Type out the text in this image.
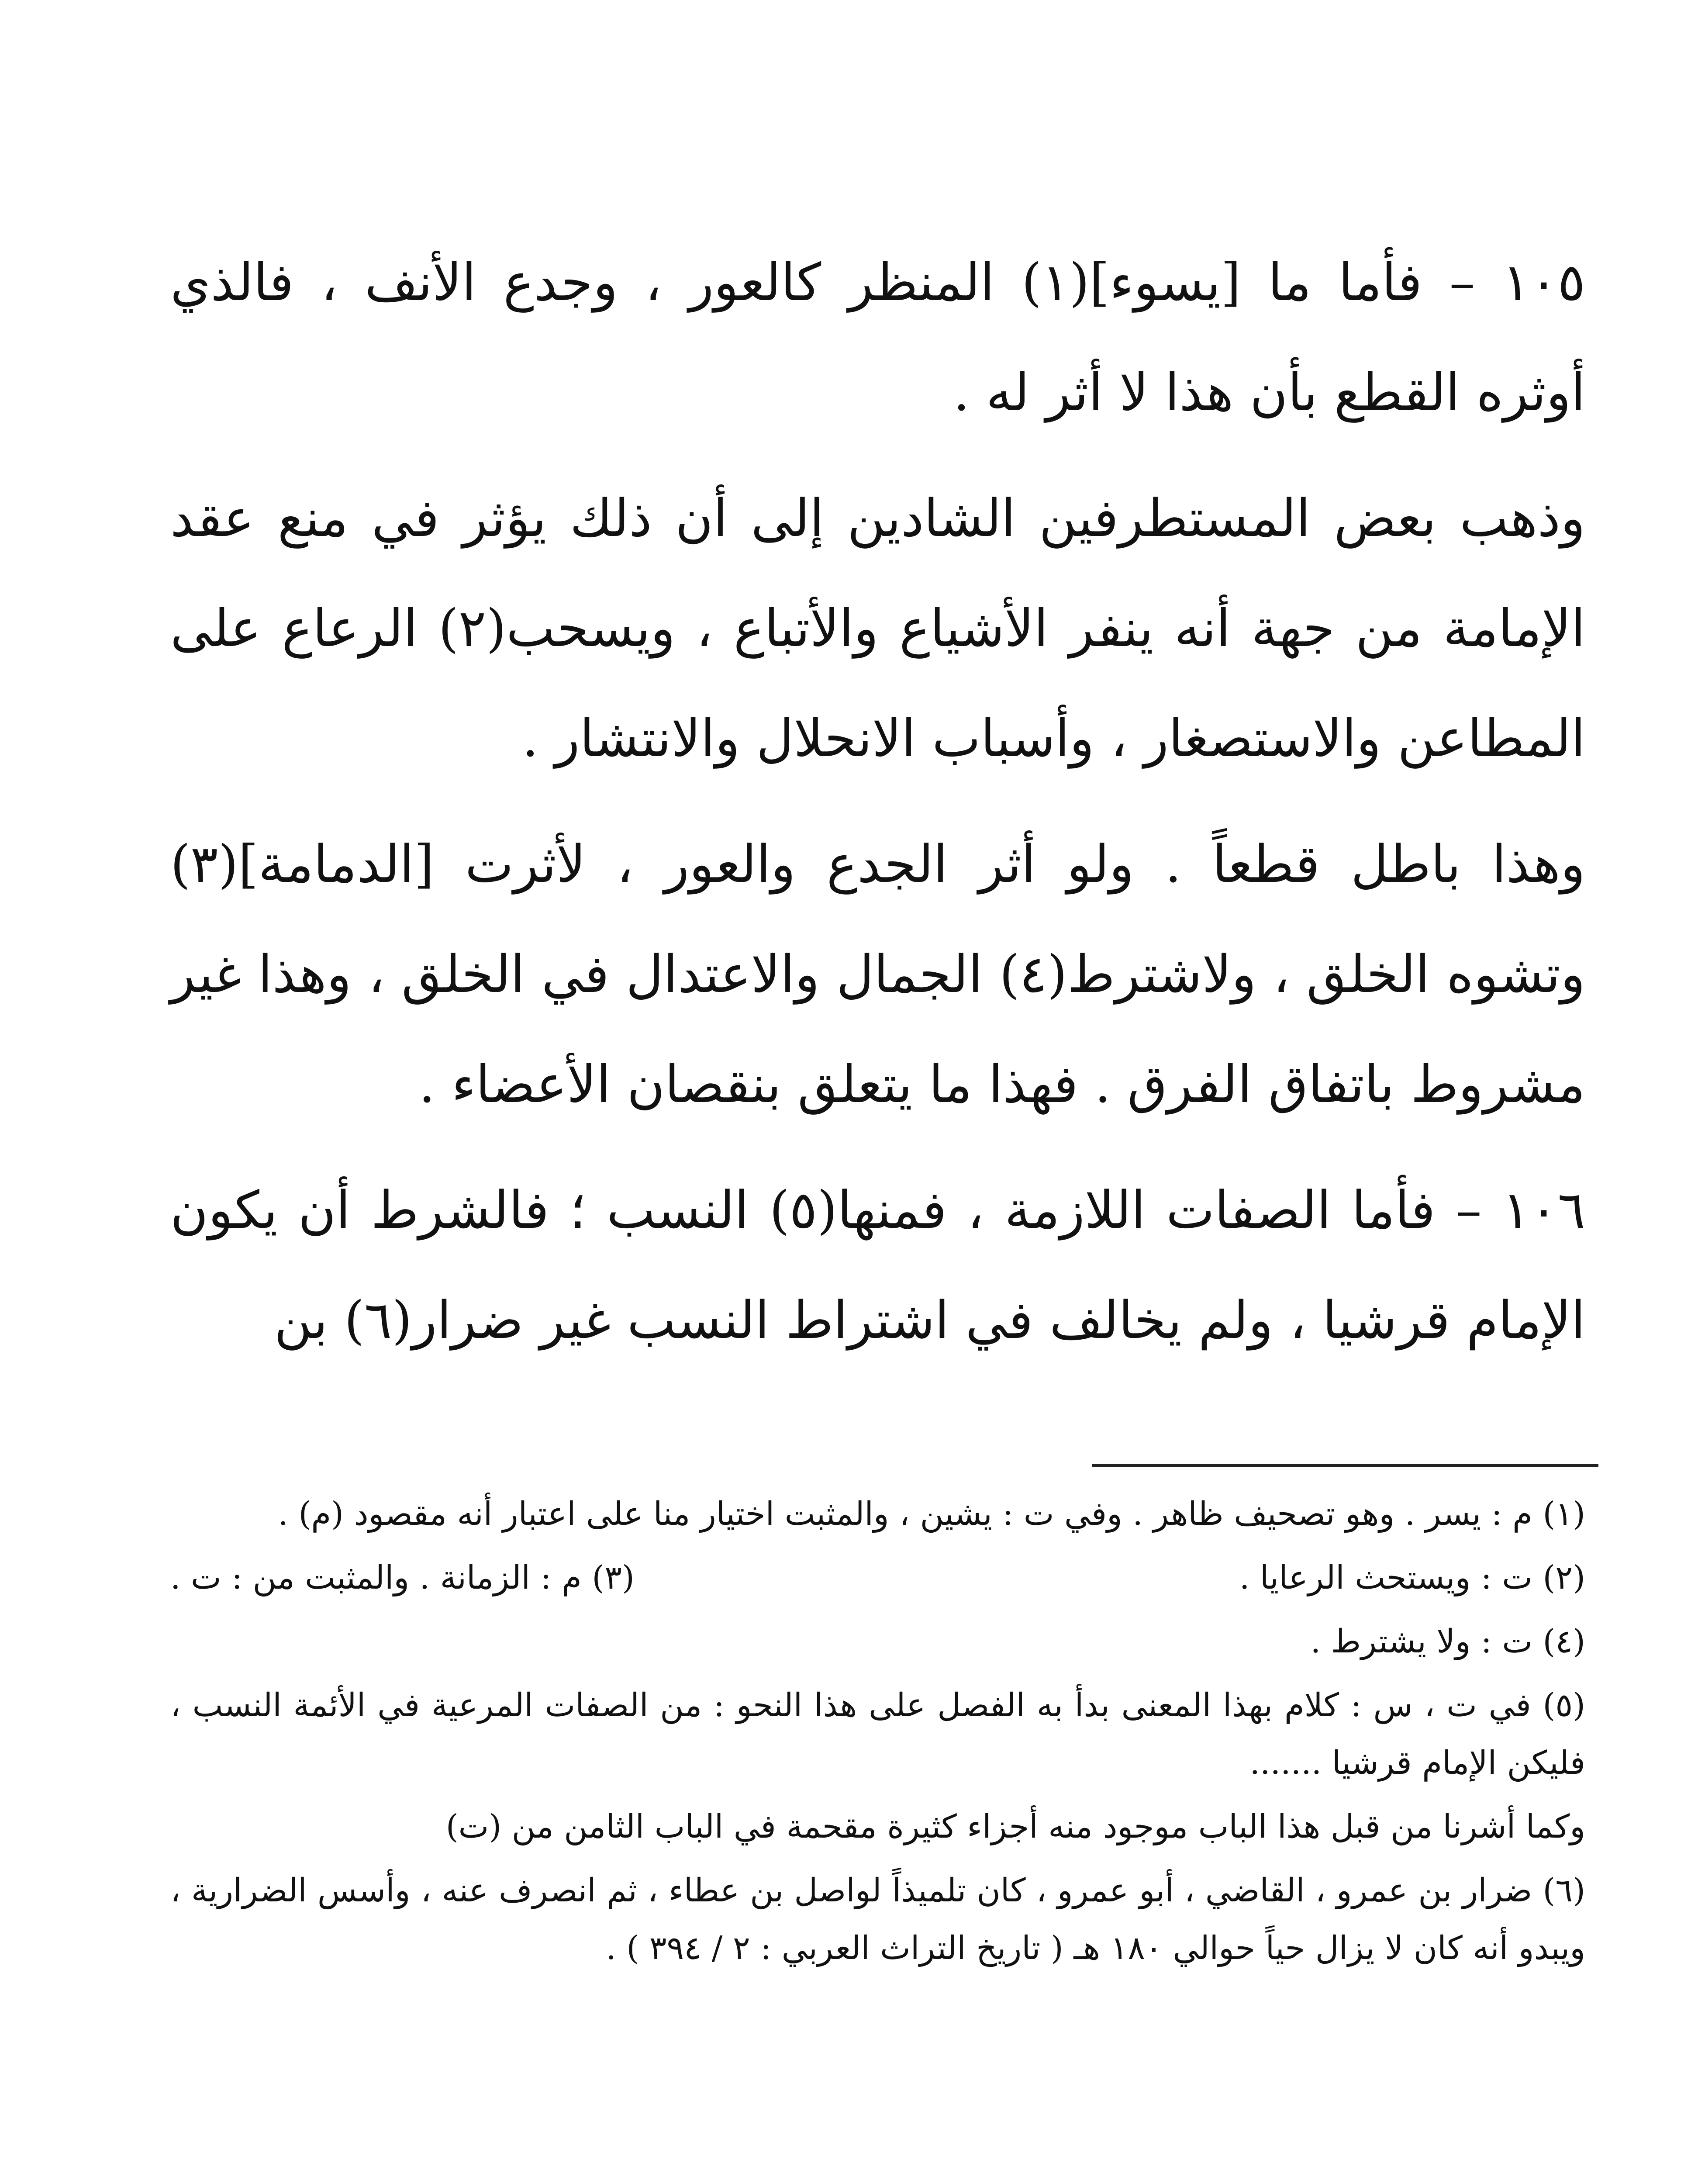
١٠٥ – فأما ما [يسوء](١) المنظر كالعور ، وجدع الأنف ، فالذي أوثره القطع بأن هذا لا أثر له .

وذهب بعض المستطرفين الشادين إلى أن ذلك يؤثر في منع عقد الإمامة من جهة أنه ينفر الأشياع والأتباع ، ويسحب(٢) الرعاع على المطاعن والاستصغار ، وأسباب الانحلال والانتشار .

وهذا باطل قطعاً . ولو أثر الجدع والعور ، لأثرت [الدمامة](٣) وتشوه الخلق ، ولاشترط(٤) الجمال والاعتدال في الخلق ، وهذا غير مشروط باتفاق الفرق . فهذا ما يتعلق بنقصان الأعضاء .

١٠٦ – فأما الصفات اللازمة ، فمنها(٥) النسب ؛ فالشرط أن يكون الإمام قرشيا ، ولم يخالف في اشتراط النسب غير ضرار(٦) بن

(١) م : يسر . وهو تصحيف ظاهر . وفي ت : يشين ، والمثبت اختيار منا على اعتبار أنه مقصود (م) .

(٢) ت : ويستحث الرعايا .
(٣) م : الزمانة . والمثبت من : ت .

(٤) ت : ولا يشترط .

(٥) في ت ، س : كلام بهذا المعنى بدأ به الفصل على هذا النحو : من الصفات المرعية في الأئمة النسب ، فليكن الإمام قرشيا .......

وكما أشرنا من قبل هذا الباب موجود منه أجزاء كثيرة مقحمة في الباب الثامن من (ت)

(٦) ضرار بن عمرو ، القاضي ، أبو عمرو ، كان تلميذاً لواصل بن عطاء ، ثم انصرف عنه ، وأسس الضرارية ، ويبدو أنه كان لا يزال حياً حوالي ١٨٠ هـ ( تاريخ التراث العربي : ٢ / ٣٩٤ ) .
